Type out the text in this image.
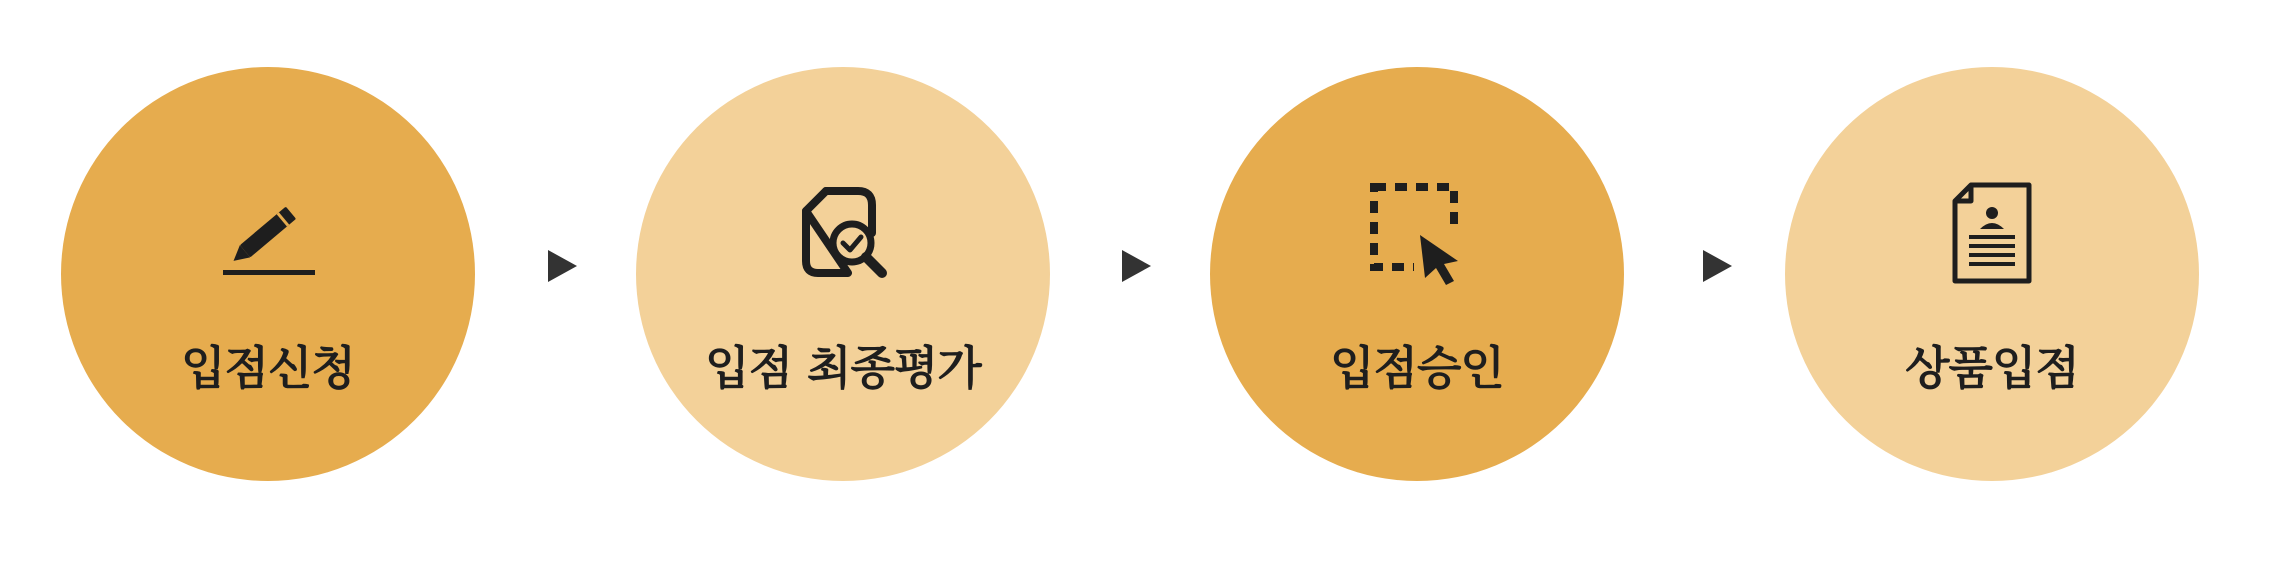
입점신청	입점 최종평가	입점승인	상품입점
